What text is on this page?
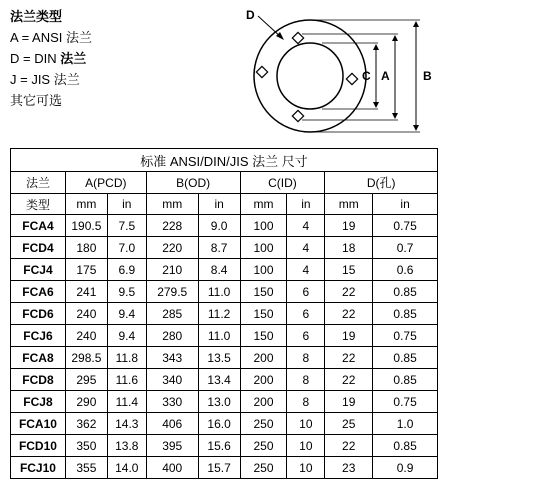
法兰类型
A = ANSI 法兰
D = DIN 法兰
J = JIS 法兰
其它可选
D
C A	B
标准 ANSI/DIN/JIS 法兰 尺寸								
法兰	A(PCD)		B(OD)		C(ID)		D(孔)	
类型	mm	in	mm	in	mm	in	mm	in
FCA4	190.5	7.5	228	9.0	100	4	19	0.75
FCD4	180	7.0	220	8.7	100	4	18	0.7
FCJ4	175	6.9	210	8.4	100	4	15	0.6
FCA6	241	9.5	279.5	11.0	150	6	22	0.85
FCD6	240	9.4	285	11.2	150	6	22	0.85
FCJ6	240	9.4	280	11.0	150	6	19	0.75
FCA8	298.5	11.8	343	13.5	200	8	22	0.85
FCD8	295	11.6	340	13.4	200	8	22	0.85
FCJ8	290	11.4	330	13.0	200	8	19	0.75
FCA10	362	14.3	406	16.0	250	10	25	1.0
FCD10	350	13.8	395	15.6	250	10	22	0.85
FCJ10	355	14.0	400	15.7	250	10	23	0.9
